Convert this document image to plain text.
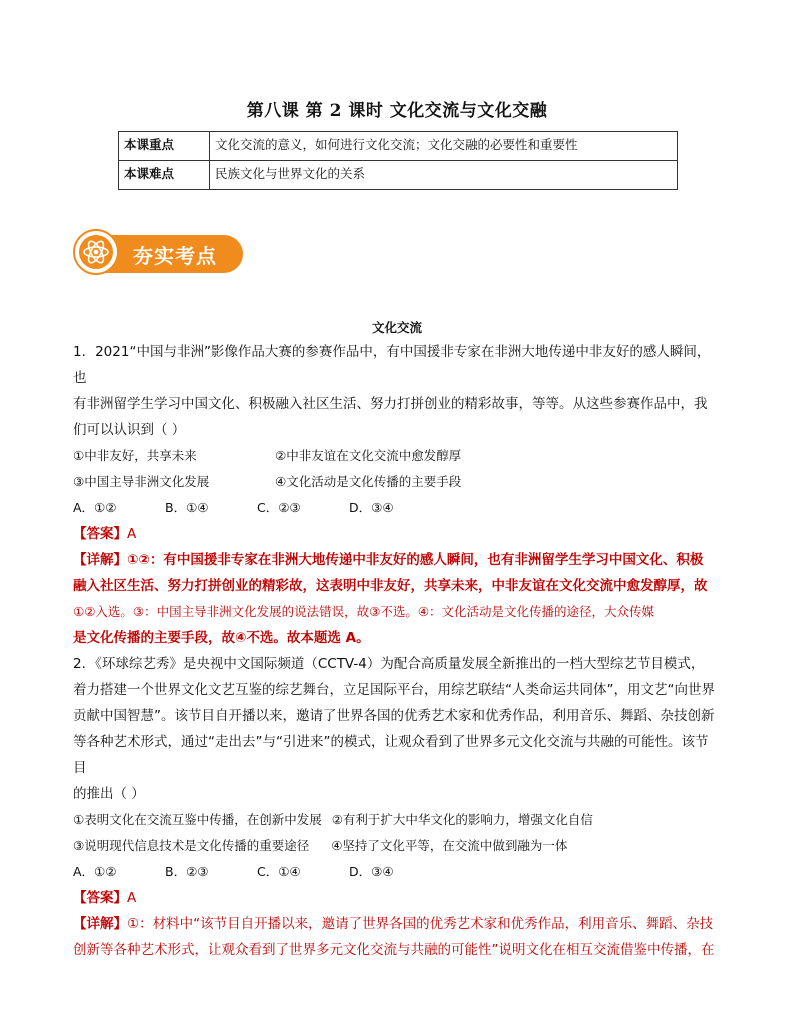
第八课 第 2 课时 文化交流与文化交融
本课重点	文化交流的意义，如何进行文化交流；文化交融的必要性和重要性
本课难点	民族文化与世界文化的关系
夯实考点
文化交流

1．2021“中国与非洲”影像作品大赛的参赛作品中，有中国援非专家在非洲大地传递中非友好的感人瞬间，也

有非洲留学生学习中国文化、积极融入社区生活、努力打拼创业的精彩故事，等等。从这些参赛作品中，我

们可以认识到（ ）

①中非友好，共享未来	②中非友谊在文化交流中愈发醇厚
③中国主导非洲文化发展	④文化活动是文化传播的主要手段
A．①②	B．①④	C．②③	D．③④

【答案】A

【详解】①②：有中国援非专家在非洲大地传递中非友好的感人瞬间，也有非洲留学生学习中国文化、积极

融入社区生活、努力打拼创业的精彩故，这表明中非友好，共享未来，中非友谊在文化交流中愈发醇厚，故

①②入选。③：中国主导非洲文化发展的说法错误，故③不选。④：文化活动是文化传播的途径，大众传媒

是文化传播的主要手段，故④不选。故本题选 A。

2．《环球综艺秀》是央视中文国际频道（CCTV-4）为配合高质量发展全新推出的一档大型综艺节目模式，

着力搭建一个世界文化文艺互鉴的综艺舞台，立足国际平台，用综艺联结“人类命运共同体”，用文艺“向世界

贡献中国智慧”。该节目自开播以来，邀请了世界各国的优秀艺术家和优秀作品，利用音乐、舞蹈、杂技创新

等各种艺术形式，通过“走出去”与“引进来”的模式，让观众看到了世界多元文化交流与共融的可能性。该节目

的推出（ ）

①表明文化在交流互鉴中传播，在创新中发展 ②有利于扩大中华文化的影响力，增强文化自信
③说明现代信息技术是文化传播的重要途径 ④坚持了文化平等，在交流中做到融为一体
A．①②	B．②③	C．①④	D．③④

【答案】A

【详解】①：材料中“该节目自开播以来，邀请了世界各国的优秀艺术家和优秀作品，利用音乐、舞蹈、杂技

创新等各种艺术形式，让观众看到了世界多元文化交流与共融的可能性”说明文化在相互交流借鉴中传播，在
